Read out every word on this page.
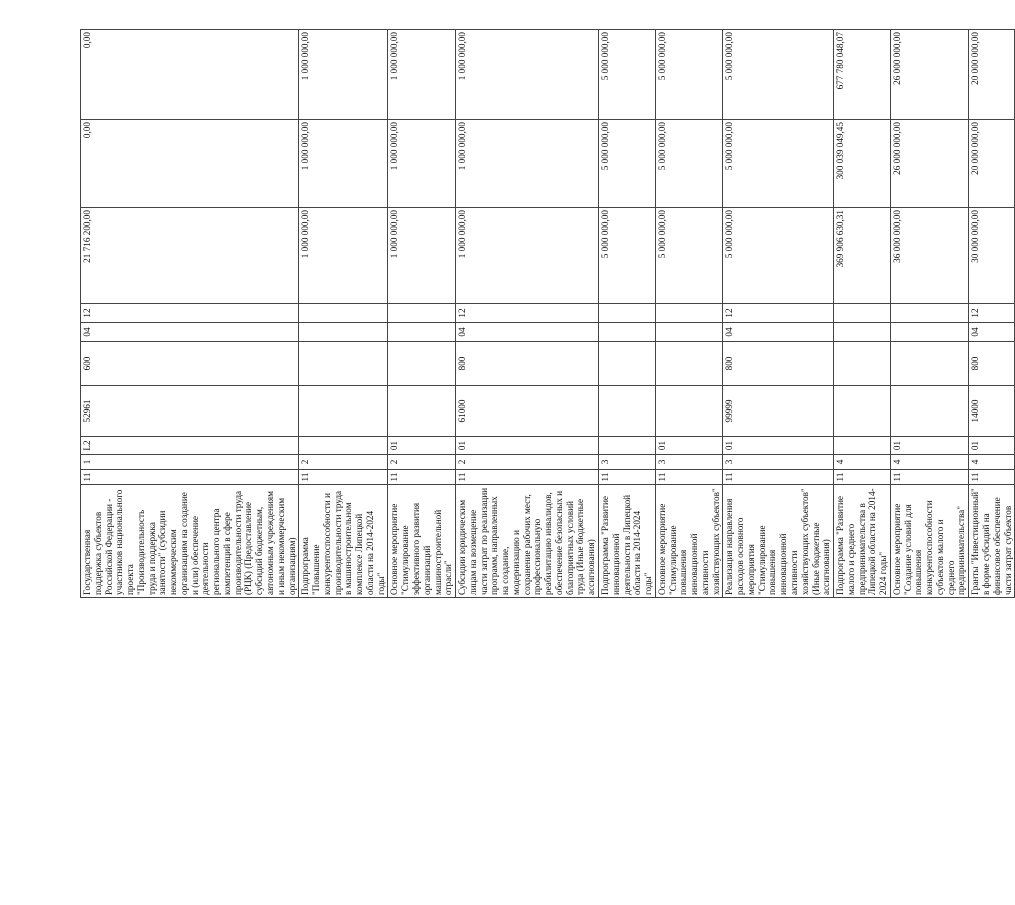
Государственная поддержка субъектов Российской Федерации - участников национального проекта "Производительность труда и поддержка занятости" (субсидии некоммерческим организациям на создание и (или) обеспечение деятельности регионального центра компетенций в сфере производительности труда (РЦК) (Предоставление субсидий бюджетным, автономным учреждениям и иным некоммерческим организациям)	11	1	L2	52961	600	04	12	21 716 200,00	0,00	0,00
Подпрограмма "Повышение конкурентоспособности и производительности труда в машиностроительном комплексе Липецкой области на 2014-2024 годы"	11	2						1 000 000,00	1 000 000,00	1 000 000,00
Основное мероприятие "Стимулирование эффективного развития организаций машиностроительной отрасли"	11	2	01					1 000 000,00	1 000 000,00	1 000 000,00
Субсидии юридическим лицам на возмещение части затрат по реализации программ, направленных на создание, модернизацию и сохранение рабочих мест, профессиональную реабилитацию инвалидов, обеспечение безопасных и благоприятных условий труда (Иные бюджетные ассигнования)	11	2	01	61000	800	04	12	1 000 000,00	1 000 000,00	1 000 000,00
Подпрограмма "Развитие инновационной деятельности в Липецкой области на 2014-2024 годы"	11	3						5 000 000,00	5 000 000,00	5 000 000,00
Основное мероприятие "Стимулирование повышения инновационной активности хозяйствующих субъектов"	11	3	01					5 000 000,00	5 000 000,00	5 000 000,00
Реализация направления расходов основного мероприятия "Стимулирование повышения инновационной активности хозяйствующих субъектов" (Иные бюджетные ассигнования)	11	3	01	99999	800	04	12	5 000 000,00	5 000 000,00	5 000 000,00
Подпрограмма "Развитие малого и среднего предпринимательства в Липецкой области на 2014-2024 годы"	11	4						369 906 630,31	300 039 049,45	677 780 048,07
Основное мероприятие "Создание условий для повышения конкурентоспособности субъектов малого и среднего предпринимательства"	11	4	01					36 000 000,00	26 000 000,00	26 000 000,00
Гранты "Инвестиционный" в форме субсидий на финансовое обеспечение части затрат субъектов	11	4	01	14000	800	04	12	30 000 000,00	20 000 000,00	20 000 000,00
